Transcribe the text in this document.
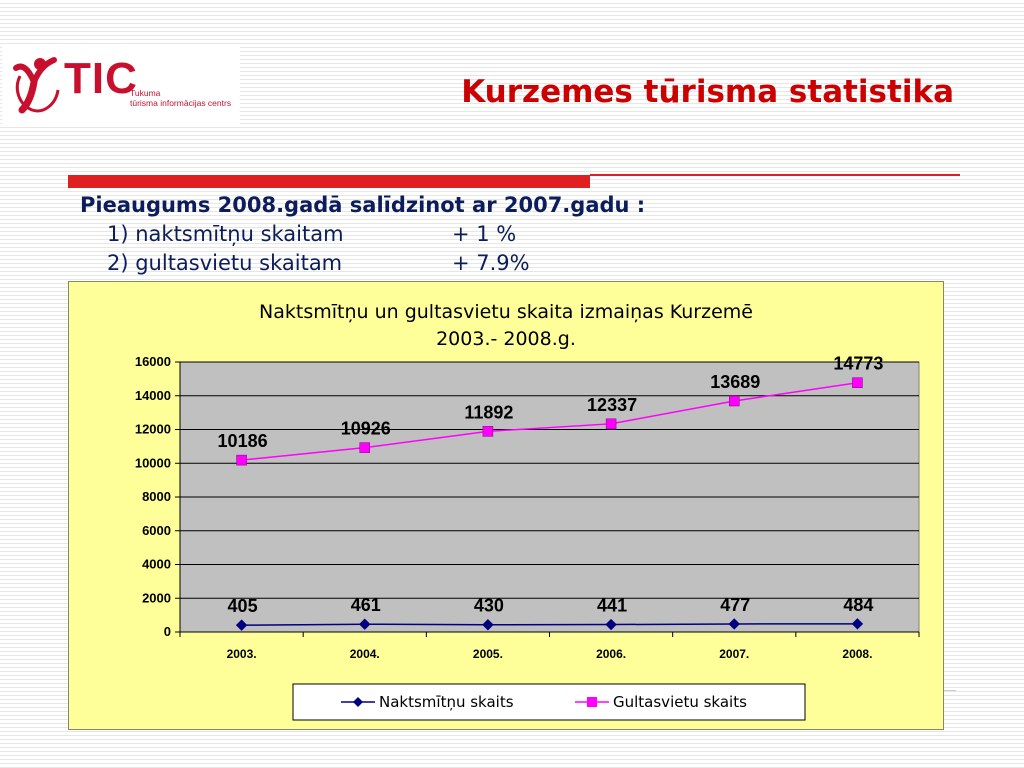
TIC
Tukuma
tūrisma informācijas centrs	Kurzemes tūrisma statistika
Pieaugums 2008.gadā salīdzinot ar 2007.gadu :
1) naktsmītņu skaitam	+ 1 %
2) gultasvietu skaitam	+ 7.9%
Naktsmītņu un gultasvietu skaita izmaiņas Kurzemē
2003.- 2008.g.
0
2000
4000
6000
8000
10000
12000
14000
16000
2003.	2004.	2005.	2006.	2007.	2008.
405	461	430	441	477	484
10186
10926
11892	12337
13689
14773
Naktsmītņu skaits	Gultasvietu skaits
